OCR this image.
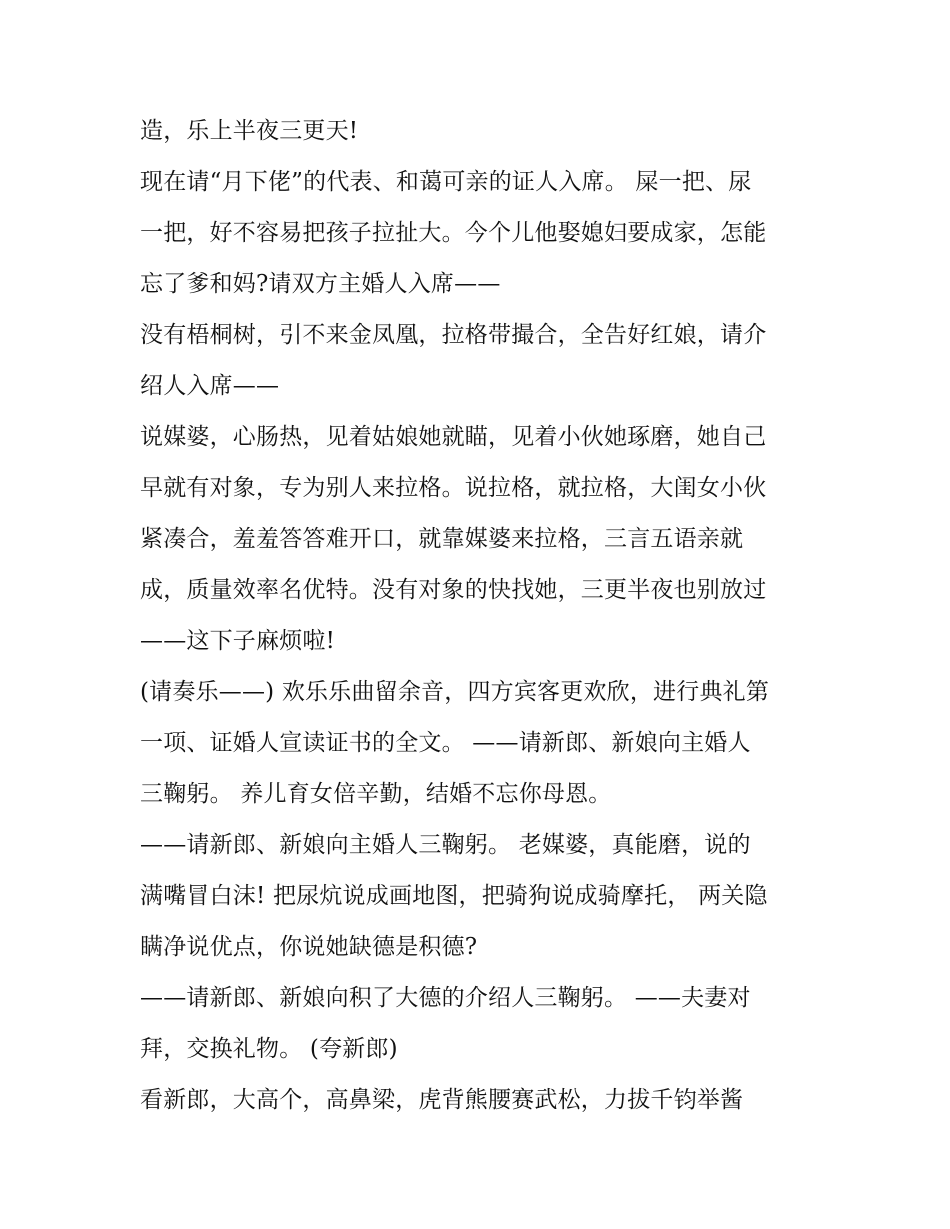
造，乐上半夜三更天!
现在请“月下佬”的代表、和蔼可亲的证人入席。 屎一把、尿
一把，好不容易把孩子拉扯大。今个儿他娶媳妇要成家，怎能
忘了爹和妈?请双方主婚人入席——
没有梧桐树，引不来金凤凰，拉格带撮合，全告好红娘，请介
绍人入席——
说媒婆，心肠热，见着姑娘她就瞄，见着小伙她琢磨，她自己
早就有对象，专为别人来拉格。说拉格，就拉格，大闺女小伙
紧凑合，羞羞答答难开口，就靠媒婆来拉格，三言五语亲就
成，质量效率名优特。没有对象的快找她，三更半夜也别放过
——这下子麻烦啦!
(请奏乐——) 欢乐乐曲留余音，四方宾客更欢欣，进行典礼第
一项、证婚人宣读证书的全文。 ——请新郎、新娘向主婚人
三鞠躬。 养儿育女倍辛勤，结婚不忘你母恩。
——请新郎、新娘向主婚人三鞠躬。 老媒婆，真能磨，说的
满嘴冒白沫! 把尿炕说成画地图，把骑狗说成骑摩托， 两关隐
瞒净说优点，你说她缺德是积德?
——请新郎、新娘向积了大德的介绍人三鞠躬。 ——夫妻对
拜，交换礼物。 (夸新郎)
看新郎，大高个，高鼻梁，虎背熊腰赛武松，力拔千钧举酱
